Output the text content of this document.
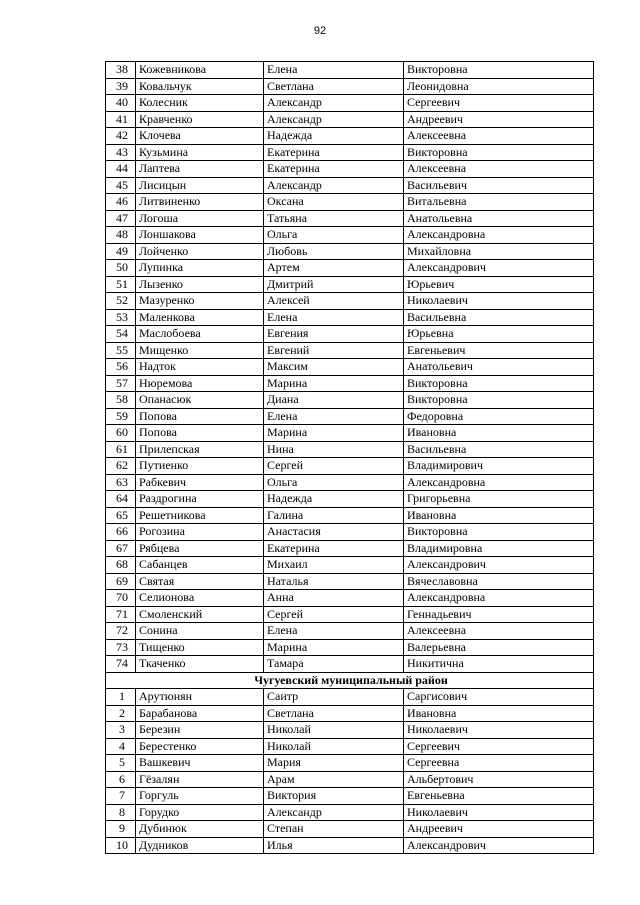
92
38	Кожевникова	Елена	Викторовна
39	Ковальчук	Светлана	Леонидовна
40	Колесник	Александр	Сергеевич
41	Кравченко	Александр	Андреевич
42	Клочева	Надежда	Алексеевна
43	Кузьмина	Екатерина	Викторовна
44	Лаптева	Екатерина	Алексеевна
45	Лисицын	Александр	Васильевич
46	Литвиненко	Оксана	Витальевна
47	Логоша	Татьяна	Анатольевна
48	Лоншакова	Ольга	Александровна
49	Лойченко	Любовь	Михайловна
50	Лупинка	Артем	Александрович
51	Лызенко	Дмитрий	Юрьевич
52	Мазуренко	Алексей	Николаевич
53	Маленкова	Елена	Васильевна
54	Маслобоева	Евгения	Юрьевна
55	Мищенко	Евгений	Евгеньевич
56	Надток	Максим	Анатольевич
57	Нюремова	Марина	Викторовна
58	Опанасюк	Диана	Викторовна
59	Попова	Елена	Федоровна
60	Попова	Марина	Ивановна
61	Прилепская	Нина	Васильевна
62	Путиенко	Сергей	Владимирович
63	Рабкевич	Ольга	Александровна
64	Раздрогина	Надежда	Григорьевна
65	Решетникова	Галина	Ивановна
66	Рогозина	Анастасия	Викторовна
67	Рябцева	Екатерина	Владимировна
68	Сабанцев	Михаил	Александрович
69	Святая	Наталья	Вячеславовна
70	Селионова	Анна	Александровна
71	Смоленский	Сергей	Геннадьевич
72	Сонина	Елена	Алексеевна
73	Тищенко	Марина	Валерьевна
74	Ткаченко	Тамара	Никитична
Чугуевский муниципальный район			
1	Арутюнян	Саитр	Саргисович
2	Барабанова	Светлана	Ивановна
3	Березин	Николай	Николаевич
4	Берестенко	Николай	Сергеевич
5	Вашкевич	Мария	Сергеевна
6	Гёзалян	Арам	Альбертович
7	Горгуль	Виктория	Евгеньевна
8	Горудко	Александр	Николаевич
9	Дубинюк	Степан	Андреевич
10	Дудников	Илья	Александрович
